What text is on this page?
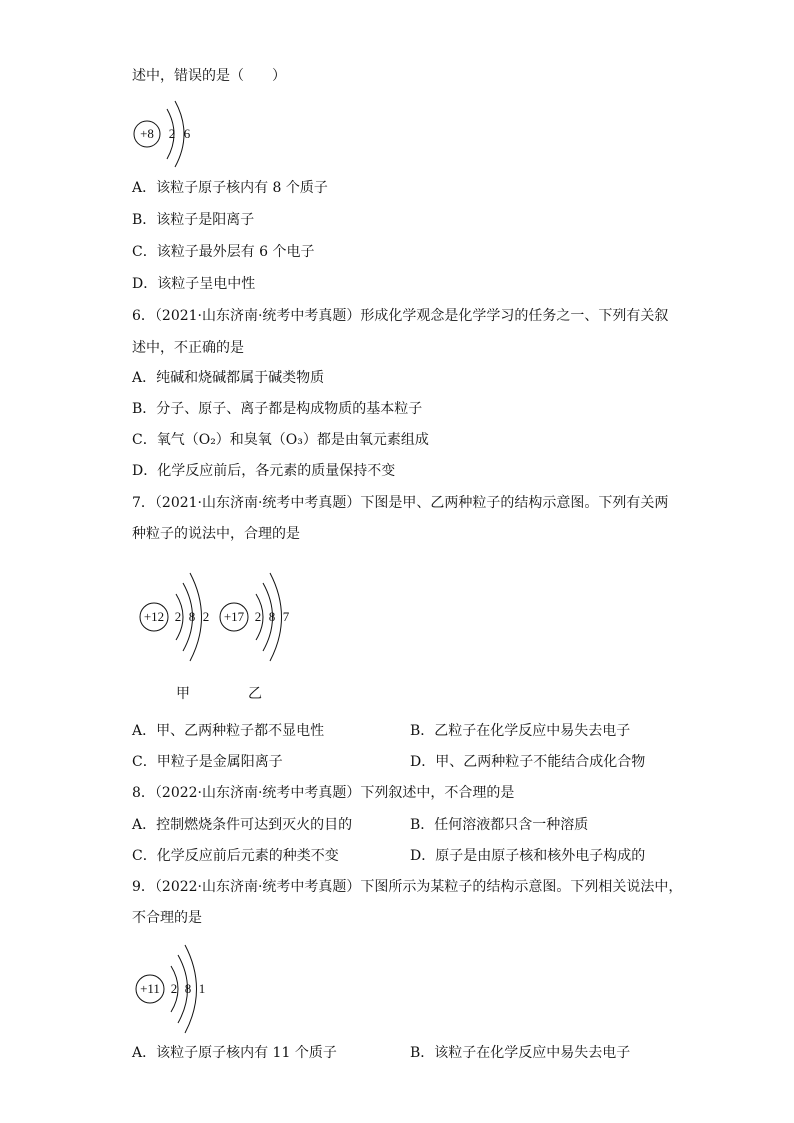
述中，错误的是（　　）
+8 2 6
A．该粒子原子核内有 8 个质子
B．该粒子是阳离子
C．该粒子最外层有 6 个电子
D．该粒子呈电中性
6．（2021·山东济南·统考中考真题）形成化学观念是化学学习的任务之一、下列有关叙
述中，不正确的是
A．纯碱和烧碱都属于碱类物质
B．分子、原子、离子都是构成物质的基本粒子
C．氧气（O₂）和臭氧（O₃）都是由氧元素组成
D．化学反应前后，各元素的质量保持不变
7．（2021·山东济南·统考中考真题）下图是甲、乙两种粒子的结构示意图。下列有关两
种粒子的说法中，合理的是
+12 2 8 2 +17 2 8 7
甲	乙
A．甲、乙两种粒子都不显电性	B．乙粒子在化学反应中易失去电子
C．甲粒子是金属阳离子	D．甲、乙两种粒子不能结合成化合物
8．（2022·山东济南·统考中考真题）下列叙述中，不合理的是
A．控制燃烧条件可达到灭火的目的	B．任何溶液都只含一种溶质
C．化学反应前后元素的种类不变	D．原子是由原子核和核外电子构成的
9．（2022·山东济南·统考中考真题）下图所示为某粒子的结构示意图。下列相关说法中，
不合理的是
+11 2 8 1
A．该粒子原子核内有 11 个质子	B．该粒子在化学反应中易失去电子
